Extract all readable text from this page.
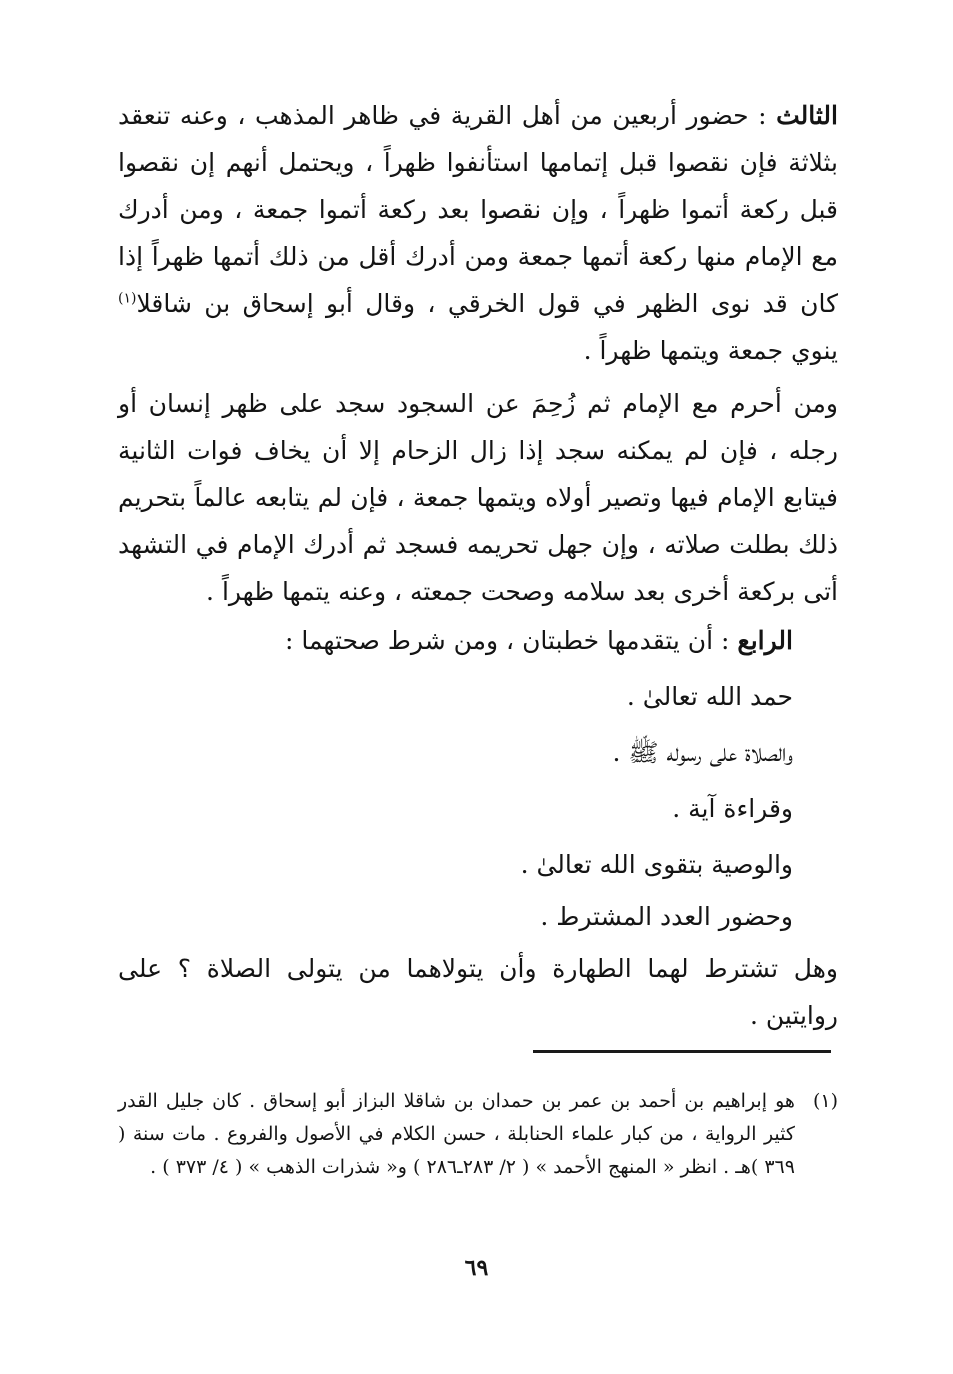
الثالث : حضور أربعين من أهل القرية في ظاهر المذهب ، وعنه تنعقد بثلاثة فإن نقصوا قبل إتمامها استأنفوا ظهراً ، ويحتمل أنهم إن نقصوا قبل ركعة أتموا ظهراً ، وإن نقصوا بعد ركعة أتموا جمعة ، ومن أدرك مع الإمام منها ركعة أتمها جمعة ومن أدرك أقل من ذلك أتمها ظهراً إذا كان قد نوى الظهر في قول الخرقي ، وقال أبو إسحاق بن شاقلا$^{(١)}$ ينوي جمعة ويتمها ظهراً .

ومن أحرم مع الإمام ثم زُحِمَ عن السجود سجد على ظهر إنسان أو رجله ، فإن لم يمكنه سجد إذا زال الزحام إلا أن يخاف فوات الثانية فيتابع الإمام فيها وتصير أولاه ويتمها جمعة ، فإن لم يتابعه عالماً بتحريم ذلك بطلت صلاته ، وإن جهل تحريمه فسجد ثم أدرك الإمام في التشهد أتى بركعة أخرى بعد سلامه وصحت جمعته ، وعنه يتمها ظهراً .

الرابع : أن يتقدمها خطبتان ، ومن شرط صحتهما :

حمد الله تعالىٰ .

والصلاة على رسوله ﷺ .

وقراءة آية .

والوصية بتقوى الله تعالىٰ .

وحضور العدد المشترط .

وهل تشترط لهما الطهارة وأن يتولاهما من يتولى الصلاة ؟ على روايتين .

(١)
هو إبراهيم بن أحمد بن عمر بن حمدان بن شاقلا البزاز أبو إسحاق . كان جليل القدر كثير الرواية ، من كبار علماء الحنابلة ، حسن الكلام في الأصول والفروع . مات سنة ( ٣٦٩ )هـ . انظر « المنهج الأحمد » ( ٢/ ٢٨٣ـ٢٨٦ ) و« شذرات الذهب » ( ٤/ ٣٧٣ ) .
٦٩
